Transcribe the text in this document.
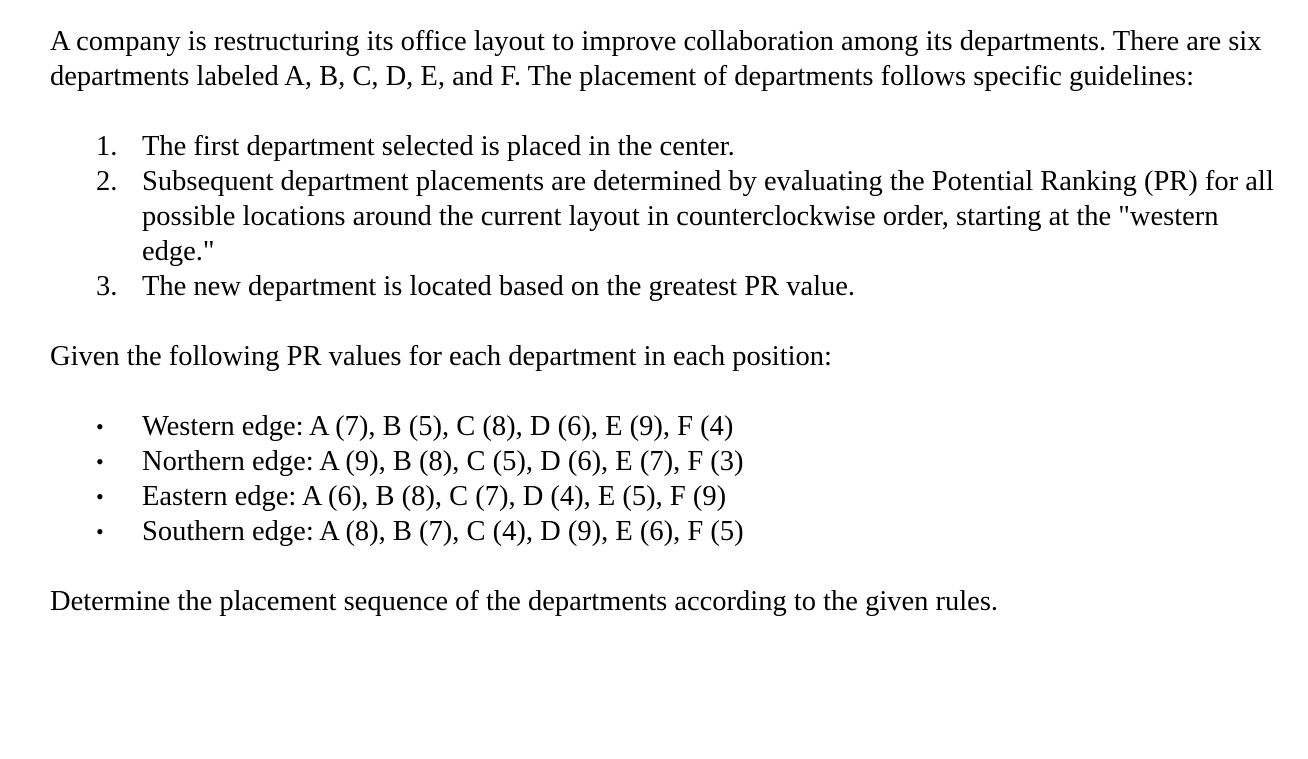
A company is restructuring its office layout to improve collaboration among its departments. There are six departments labeled A, B, C, D, E, and F. The placement of departments follows specific guidelines:

1. The first department selected is placed in the center.
2. Subsequent department placements are determined by evaluating the Potential Ranking (PR) for all possible locations around the current layout in counterclockwise order, starting at the "western edge."
3. The new department is located based on the greatest PR value.

Given the following PR values for each department in each position:

• Western edge: A (7), B (5), C (8), D (6), E (9), F (4)
• Northern edge: A (9), B (8), C (5), D (6), E (7), F (3)
• Eastern edge: A (6), B (8), C (7), D (4), E (5), F (9)
• Southern edge: A (8), B (7), C (4), D (9), E (6), F (5)

Determine the placement sequence of the departments according to the given rules.
